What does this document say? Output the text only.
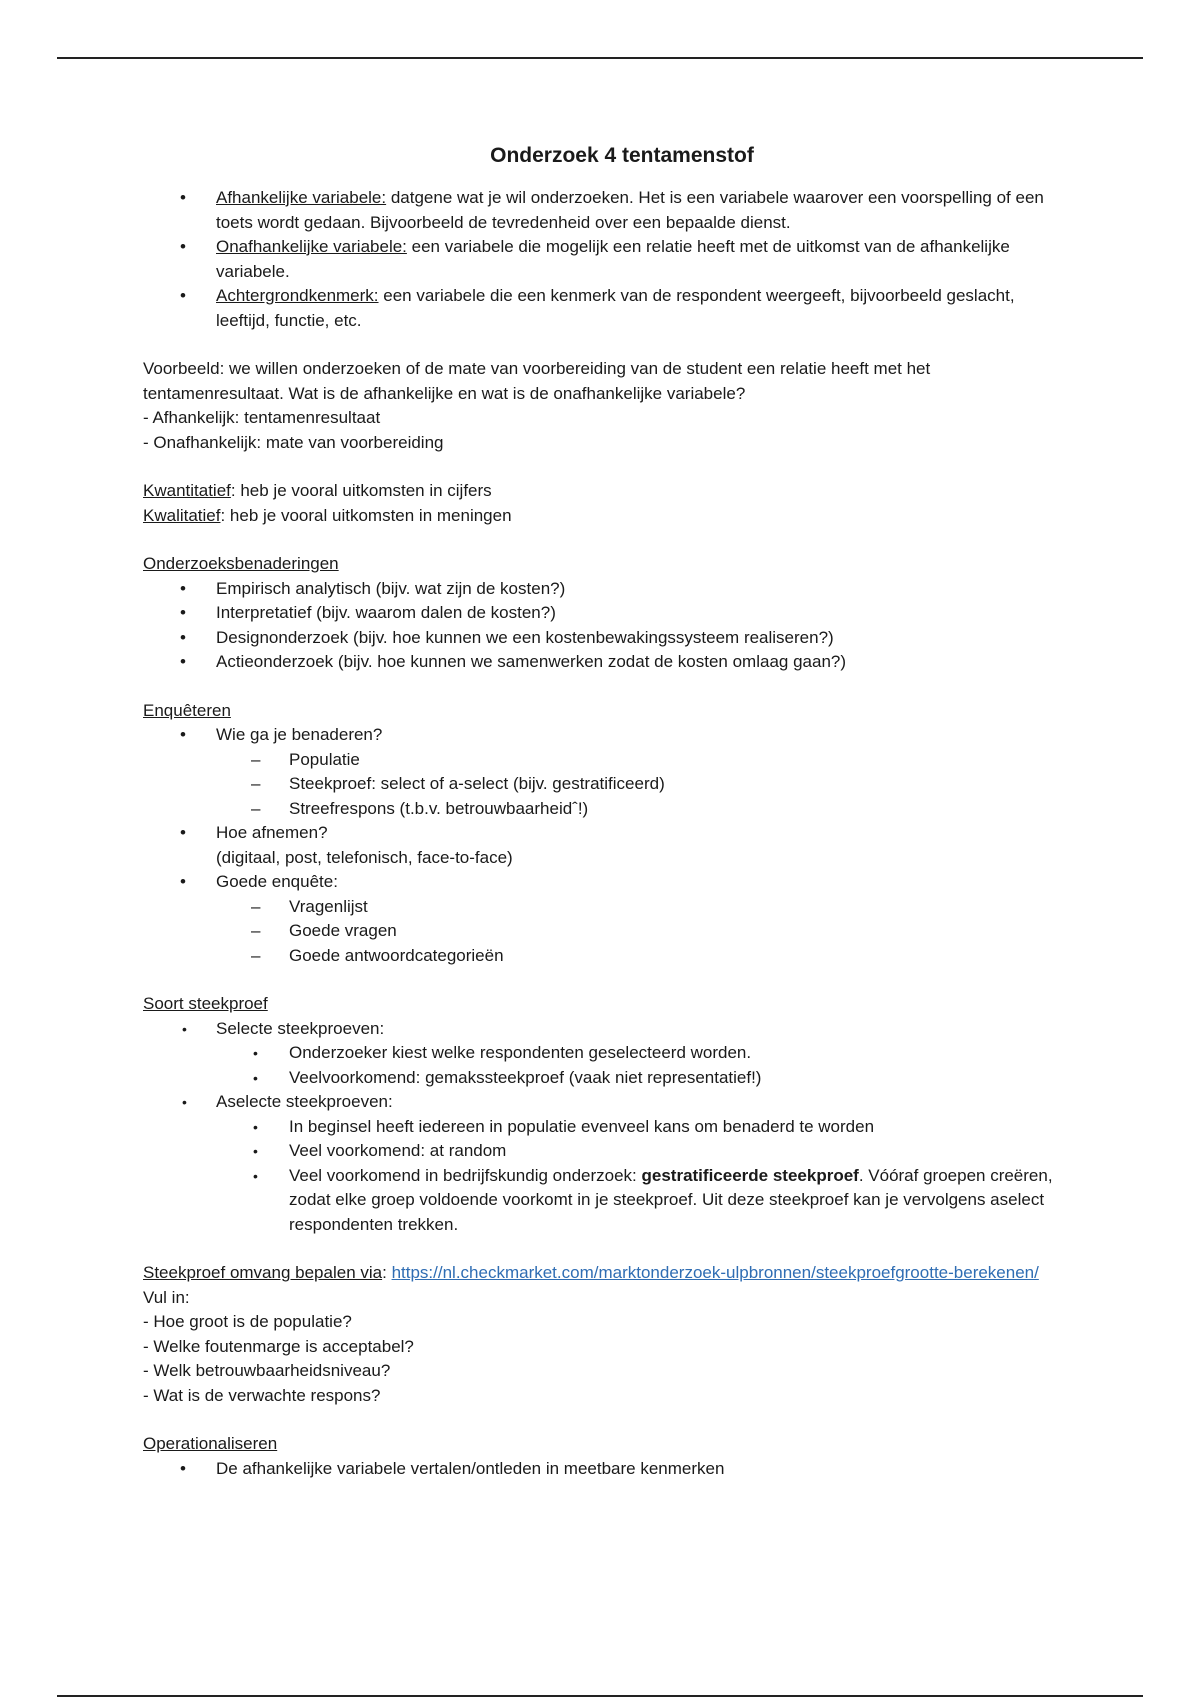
Onderzoek 4 tentamenstof
• Afhankelijke variabele: datgene wat je wil onderzoeken. Het is een variabele waarover een voorspelling of een toets wordt gedaan. Bijvoorbeeld de tevredenheid over een bepaalde dienst.
• Onafhankelijke variabele: een variabele die mogelijk een relatie heeft met de uitkomst van de afhankelijke variabele.
• Achtergrondkenmerk: een variabele die een kenmerk van de respondent weergeeft, bijvoorbeeld geslacht, leeftijd, functie, etc.

Voorbeeld: we willen onderzoeken of de mate van voorbereiding van de student een relatie heeft met het tentamenresultaat. Wat is de afhankelijke en wat is de onafhankelijke variabele?

- Afhankelijk: tentamenresultaat

- Onafhankelijk: mate van voorbereiding

Kwantitatief: heb je vooral uitkomsten in cijfers

Kwalitatief: heb je vooral uitkomsten in meningen

Onderzoeksbenaderingen

• Empirisch analytisch (bijv. wat zijn de kosten?)
• Interpretatief (bijv. waarom dalen de kosten?)
• Designonderzoek (bijv. hoe kunnen we een kostenbewakingssysteem realiseren?)
• Actieonderzoek (bijv. hoe kunnen we samenwerken zodat de kosten omlaag gaan?)

Enquêteren

• Wie ga je benaderen?
– Populatie
– Steekproef: select of a-select (bijv. gestratificeerd)
– Streefrespons (t.b.v. betrouwbaarheidˆ!)
• Hoe afnemen?
(digitaal, post, telefonisch, face-to-face)
• Goede enquête:
– Vragenlijst
– Goede vragen
– Goede antwoordcategorieën

Soort steekproef

• Selecte steekproeven:
• Onderzoeker kiest welke respondenten geselecteerd worden.
• Veelvoorkomend: gemakssteekproef (vaak niet representatief!)
• Aselecte steekproeven:
• In beginsel heeft iedereen in populatie evenveel kans om benaderd te worden
• Veel voorkomend: at random
• Veel voorkomend in bedrijfskundig onderzoek: gestratificeerde steekproef. Vóóraf groepen creëren, zodat elke groep voldoende voorkomt in je steekproef. Uit deze steekproef kan je vervolgens aselect respondenten trekken.

Steekproef omvang bepalen via: https://nl.checkmarket.com/marktonderzoek-ulpbronnen/steekproefgrootte-berekenen/

Vul in:

- Hoe groot is de populatie?

- Welke foutenmarge is acceptabel?

- Welk betrouwbaarheidsniveau?

- Wat is de verwachte respons?

Operationaliseren

• De afhankelijke variabele vertalen/ontleden in meetbare kenmerken
